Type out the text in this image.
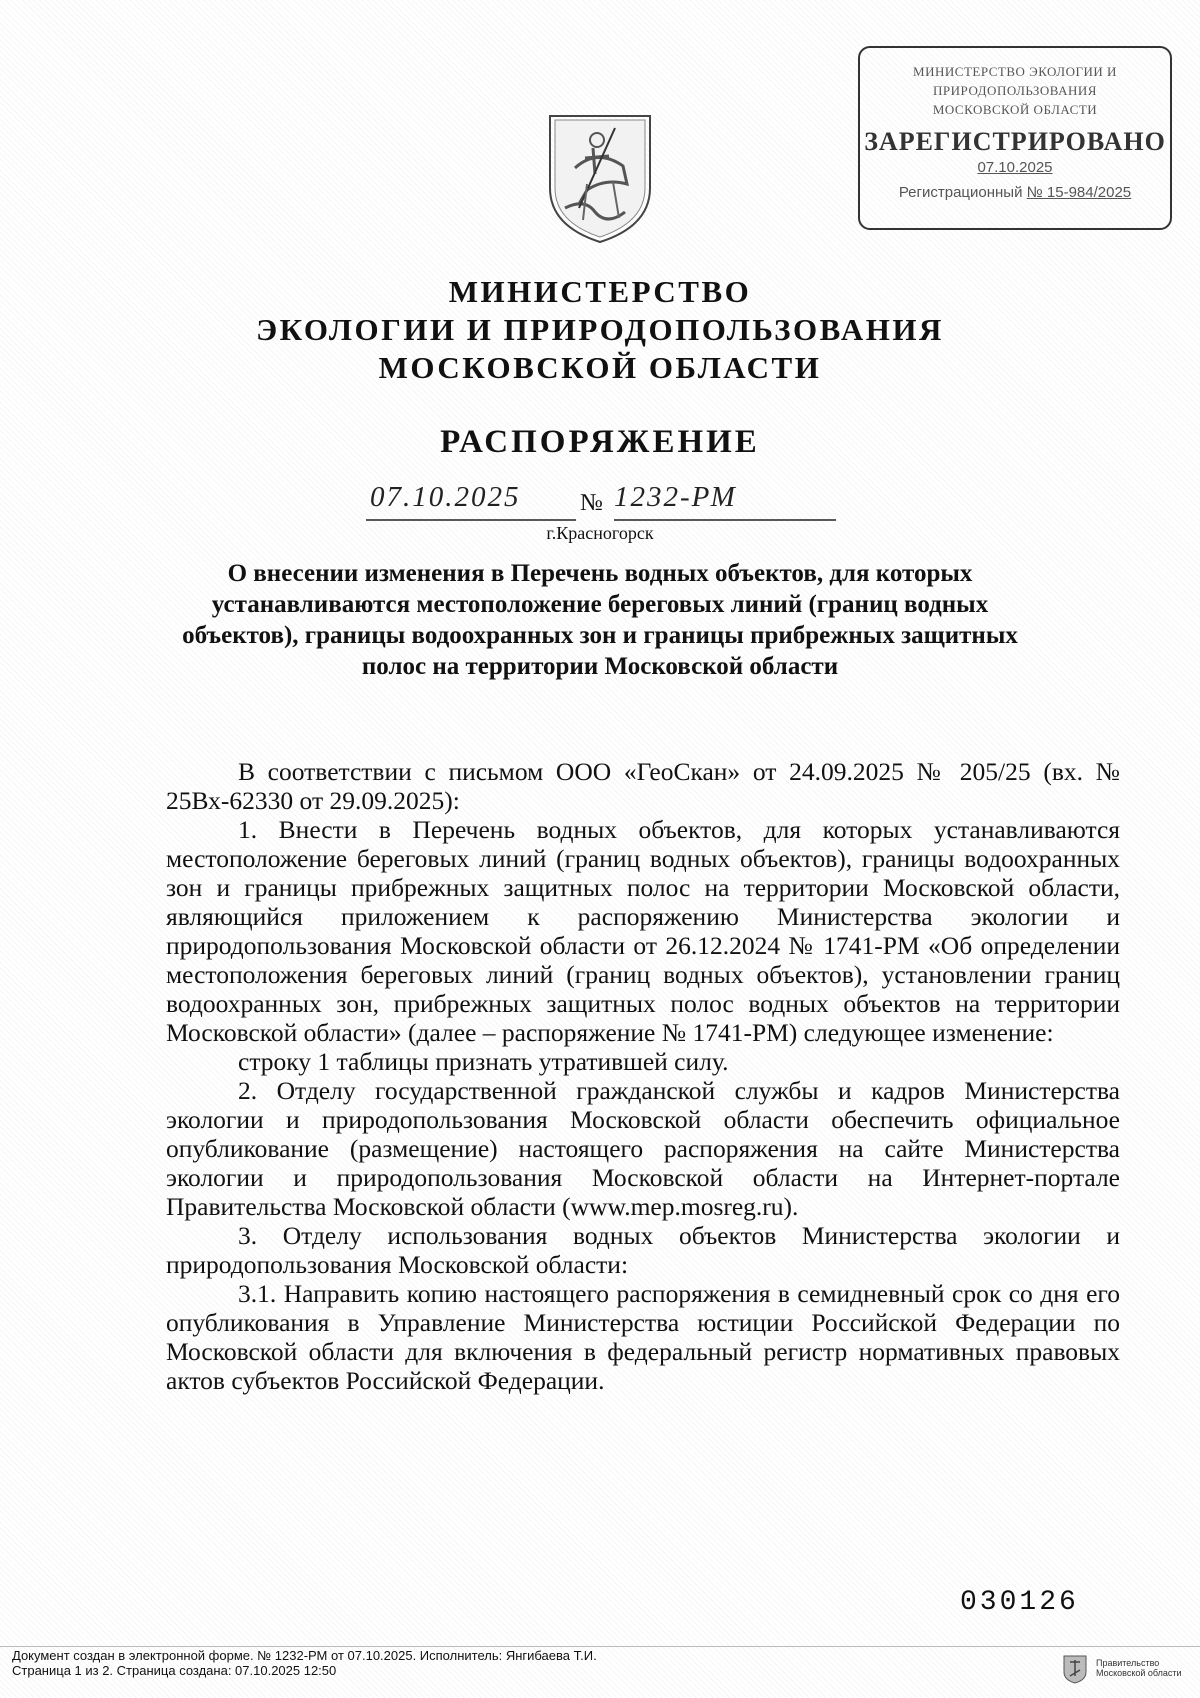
МИНИСТЕРСТВО ЭКОЛОГИИ И
ПРИРОДОПОЛЬЗОВАНИЯ
МОСКОВСКОЙ ОБЛАСТИ
ЗАРЕГИСТРИРОВАНО
07.10.2025
Регистрационный № 15-984/2025
МИНИСТЕРСТВО
ЭКОЛОГИИ И ПРИРОДОПОЛЬЗОВАНИЯ
МОСКОВСКОЙ ОБЛАСТИ
РАСПОРЯЖЕНИЕ
07.10.2025 № 1232-РМ
г.Красногорск
О внесении изменения в Перечень водных объектов, для которых устанавливаются местоположение береговых линий (границ водных объектов), границы водоохранных зон и границы прибрежных защитных полос на территории Московской области

В соответствии с письмом ООО «ГеоСкан» от 24.09.2025 № 205/25 (вх. № 25Вх-62330 от 29.09.2025):

1. Внести в Перечень водных объектов, для которых устанавливаются местоположение береговых линий (границ водных объектов), границы водоохранных зон и границы прибрежных защитных полос на территории Московской области, являющийся приложением к распоряжению Министерства экологии и природопользования Московской области от 26.12.2024 № 1741-РМ «Об определении местоположения береговых линий (границ водных объектов), установлении границ водоохранных зон, прибрежных защитных полос водных объектов на территории Московской области» (далее – распоряжение № 1741-РМ) следующее изменение:

строку 1 таблицы признать утратившей силу.

2. Отделу государственной гражданской службы и кадров Министерства экологии и природопользования Московской области обеспечить официальное опубликование (размещение) настоящего распоряжения на сайте Министерства экологии и природопользования Московской области на Интернет-портале Правительства Московской области (www.mep.mosreg.ru).

3. Отделу использования водных объектов Министерства экологии и природопользования Московской области:

3.1. Направить копию настоящего распоряжения в семидневный срок со дня его опубликования в Управление Министерства юстиции Российской Федерации по Московской области для включения в федеральный регистр нормативных правовых актов субъектов Российской Федерации.

030126
Документ создан в электронной форме. № 1232-РМ от 07.10.2025. Исполнитель: Янгибаева Т.И.
Страница 1 из 2. Страница создана: 07.10.2025 12:50	Правительство
Московской области
